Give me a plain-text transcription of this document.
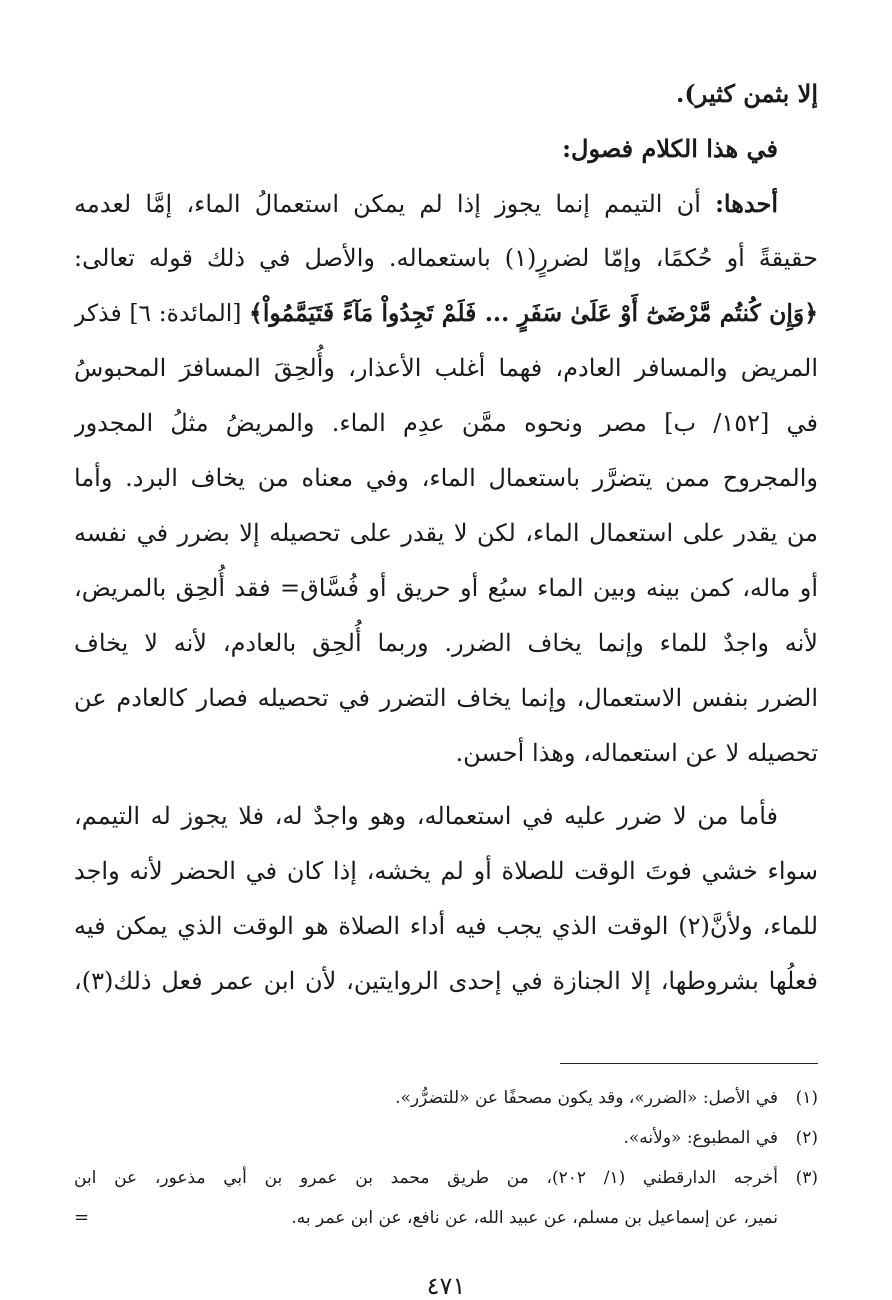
إلا بثمن كثير).
في هذا الكلام فصول:
أحدها: أن التيمم إنما يجوز إذا لم يمكن استعمالُ الماء، إمَّا لعدمه
حقيقةً أو حُكمًا، وإمّا لضررٍ(١) باستعماله. والأصل في ذلك قوله تعالى:
﴿وَإِن كُنتُم مَّرْضَىٰٓ أَوْ عَلَىٰ سَفَرٍ ... فَلَمْ تَجِدُواْ مَآءً فَتَيَمَّمُواْ﴾ [المائدة: ٦] فذكر
المريض والمسافر العادم، فهما أغلب الأعذار، وأُلحِقَ المسافرَ المحبوسُ
في [١٥٢/ ب] مصر ونحوه ممَّن عدِم الماء. والمريضُ مثلُ المجدور
والمجروح ممن يتضرَّر باستعمال الماء، وفي معناه من يخاف البرد. وأما
من يقدر على استعمال الماء، لكن لا يقدر على تحصيله إلا بضرر في نفسه
أو ماله، كمن بينه وبين الماء سبُع أو حريق أو فُسَّاق= فقد أُلحِق بالمريض،
لأنه واجدٌ للماء وإنما يخاف الضرر. وربما أُلحِق بالعادم، لأنه لا يخاف
الضرر بنفس الاستعمال، وإنما يخاف التضرر في تحصيله فصار كالعادم عن
تحصيله لا عن استعماله، وهذا أحسن.
فأما من لا ضرر عليه في استعماله، وهو واجدٌ له، فلا يجوز له التيمم،
سواء خشي فوتَ الوقت للصلاة أو لم يخشه، إذا كان في الحضر لأنه واجد
للماء، ولأنَّ(٢) الوقت الذي يجب فيه أداء الصلاة هو الوقت الذي يمكن فيه
فعلُها بشروطها، إلا الجنازة في إحدى الروايتين، لأن ابن عمر فعل ذلك(٣)،
(١)في الأصل: «الضرر»، وقد يكون مصحفًا عن «للتضرُّر».
(٢)في المطبوع: «ولأنه».
(٣)أخرجه الدارقطني (١/ ٢٠٢)، من طريق محمد بن عمرو بن أبي مذعور، عن ابن
نمير، عن إسماعيل بن مسلم، عن عبيد الله، عن نافع، عن ابن عمر به.
=
٤٧١
